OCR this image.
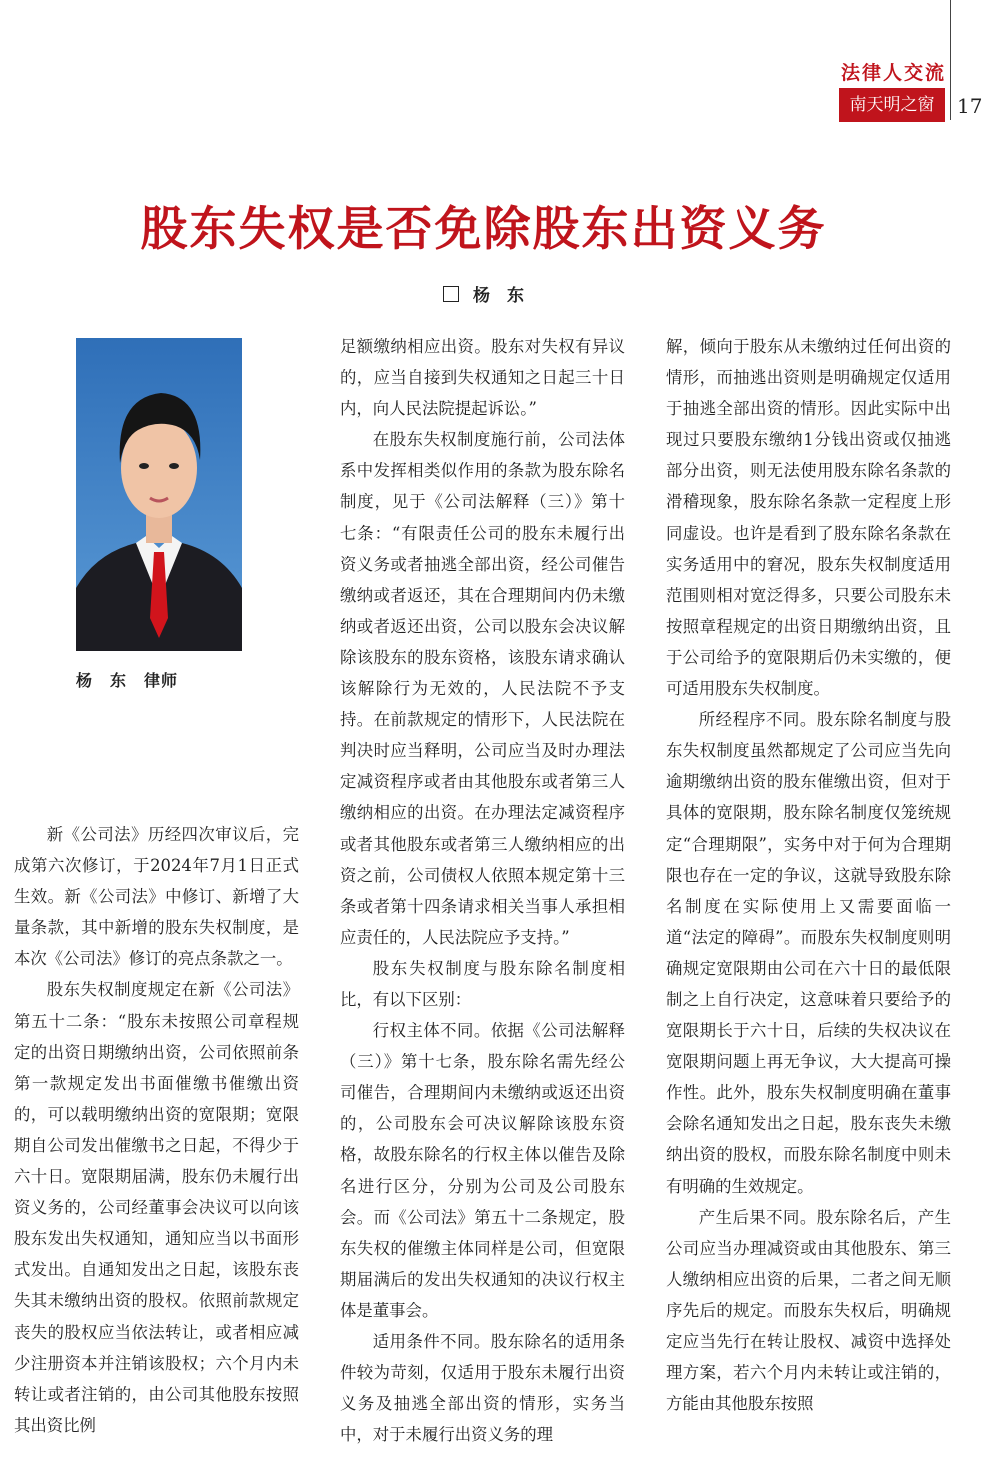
法律人交流
南天明之窗	17
股东失权是否免除股东出资义务
杨　东
杨　东　律师

新《公司法》历经四次审议后，完成第六次修订，于2024年7月1日正式生效。新《公司法》中修订、新增了大量条款，其中新增的股东失权制度，是本次《公司法》修订的亮点条款之一。

股东失权制度规定在新《公司法》第五十二条：“股东未按照公司章程规定的出资日期缴纳出资，公司依照前条第一款规定发出书面催缴书催缴出资的，可以载明缴纳出资的宽限期；宽限期自公司发出催缴书之日起，不得少于六十日。宽限期届满，股东仍未履行出资义务的，公司经董事会决议可以向该股东发出失权通知，通知应当以书面形式发出。自通知发出之日起，该股东丧失其未缴纳出资的股权。依照前款规定丧失的股权应当依法转让，或者相应减少注册资本并注销该股权；六个月内未转让或者注销的，由公司其他股东按照其出资比例

足额缴纳相应出资。股东对失权有异议的，应当自接到失权通知之日起三十日内，向人民法院提起诉讼。”

在股东失权制度施行前，公司法体系中发挥相类似作用的条款为股东除名制度，见于《公司法解释（三）》第十七条：“有限责任公司的股东未履行出资义务或者抽逃全部出资，经公司催告缴纳或者返还，其在合理期间内仍未缴纳或者返还出资，公司以股东会决议解除该股东的股东资格，该股东请求确认该解除行为无效的，人民法院不予支持。在前款规定的情形下，人民法院在判决时应当释明，公司应当及时办理法定减资程序或者由其他股东或者第三人缴纳相应的出资。在办理法定减资程序或者其他股东或者第三人缴纳相应的出资之前，公司债权人依照本规定第十三条或者第十四条请求相关当事人承担相应责任的，人民法院应予支持。”

股东失权制度与股东除名制度相比，有以下区别：

行权主体不同。依据《公司法解释（三）》第十七条，股东除名需先经公司催告，合理期间内未缴纳或返还出资的，公司股东会可决议解除该股东资格，故股东除名的行权主体以催告及除名进行区分，分别为公司及公司股东会。而《公司法》第五十二条规定，股东失权的催缴主体同样是公司，但宽限期届满后的发出失权通知的决议行权主体是董事会。

适用条件不同。股东除名的适用条件较为苛刻，仅适用于股东未履行出资义务及抽逃全部出资的情形，实务当中，对于未履行出资义务的理

解，倾向于股东从未缴纳过任何出资的情形，而抽逃出资则是明确规定仅适用于抽逃全部出资的情形。因此实际中出现过只要股东缴纳1分钱出资或仅抽逃部分出资，则无法使用股东除名条款的滑稽现象，股东除名条款一定程度上形同虚设。也许是看到了股东除名条款在实务适用中的窘况，股东失权制度适用范围则相对宽泛得多，只要公司股东未按照章程规定的出资日期缴纳出资，且于公司给予的宽限期后仍未实缴的，便可适用股东失权制度。

所经程序不同。股东除名制度与股东失权制度虽然都规定了公司应当先向逾期缴纳出资的股东催缴出资，但对于具体的宽限期，股东除名制度仅笼统规定“合理期限”，实务中对于何为合理期限也存在一定的争议，这就导致股东除名制度在实际使用上又需要面临一道“法定的障碍”。而股东失权制度则明确规定宽限期由公司在六十日的最低限制之上自行决定，这意味着只要给予的宽限期长于六十日，后续的失权决议在宽限期问题上再无争议，大大提高可操作性。此外，股东失权制度明确在董事会除名通知发出之日起，股东丧失未缴纳出资的股权，而股东除名制度中则未有明确的生效规定。

产生后果不同。股东除名后，产生公司应当办理减资或由其他股东、第三人缴纳相应出资的后果，二者之间无顺序先后的规定。而股东失权后，明确规定应当先行在转让股权、减资中选择处理方案，若六个月内未转让或注销的，方能由其他股东按照
